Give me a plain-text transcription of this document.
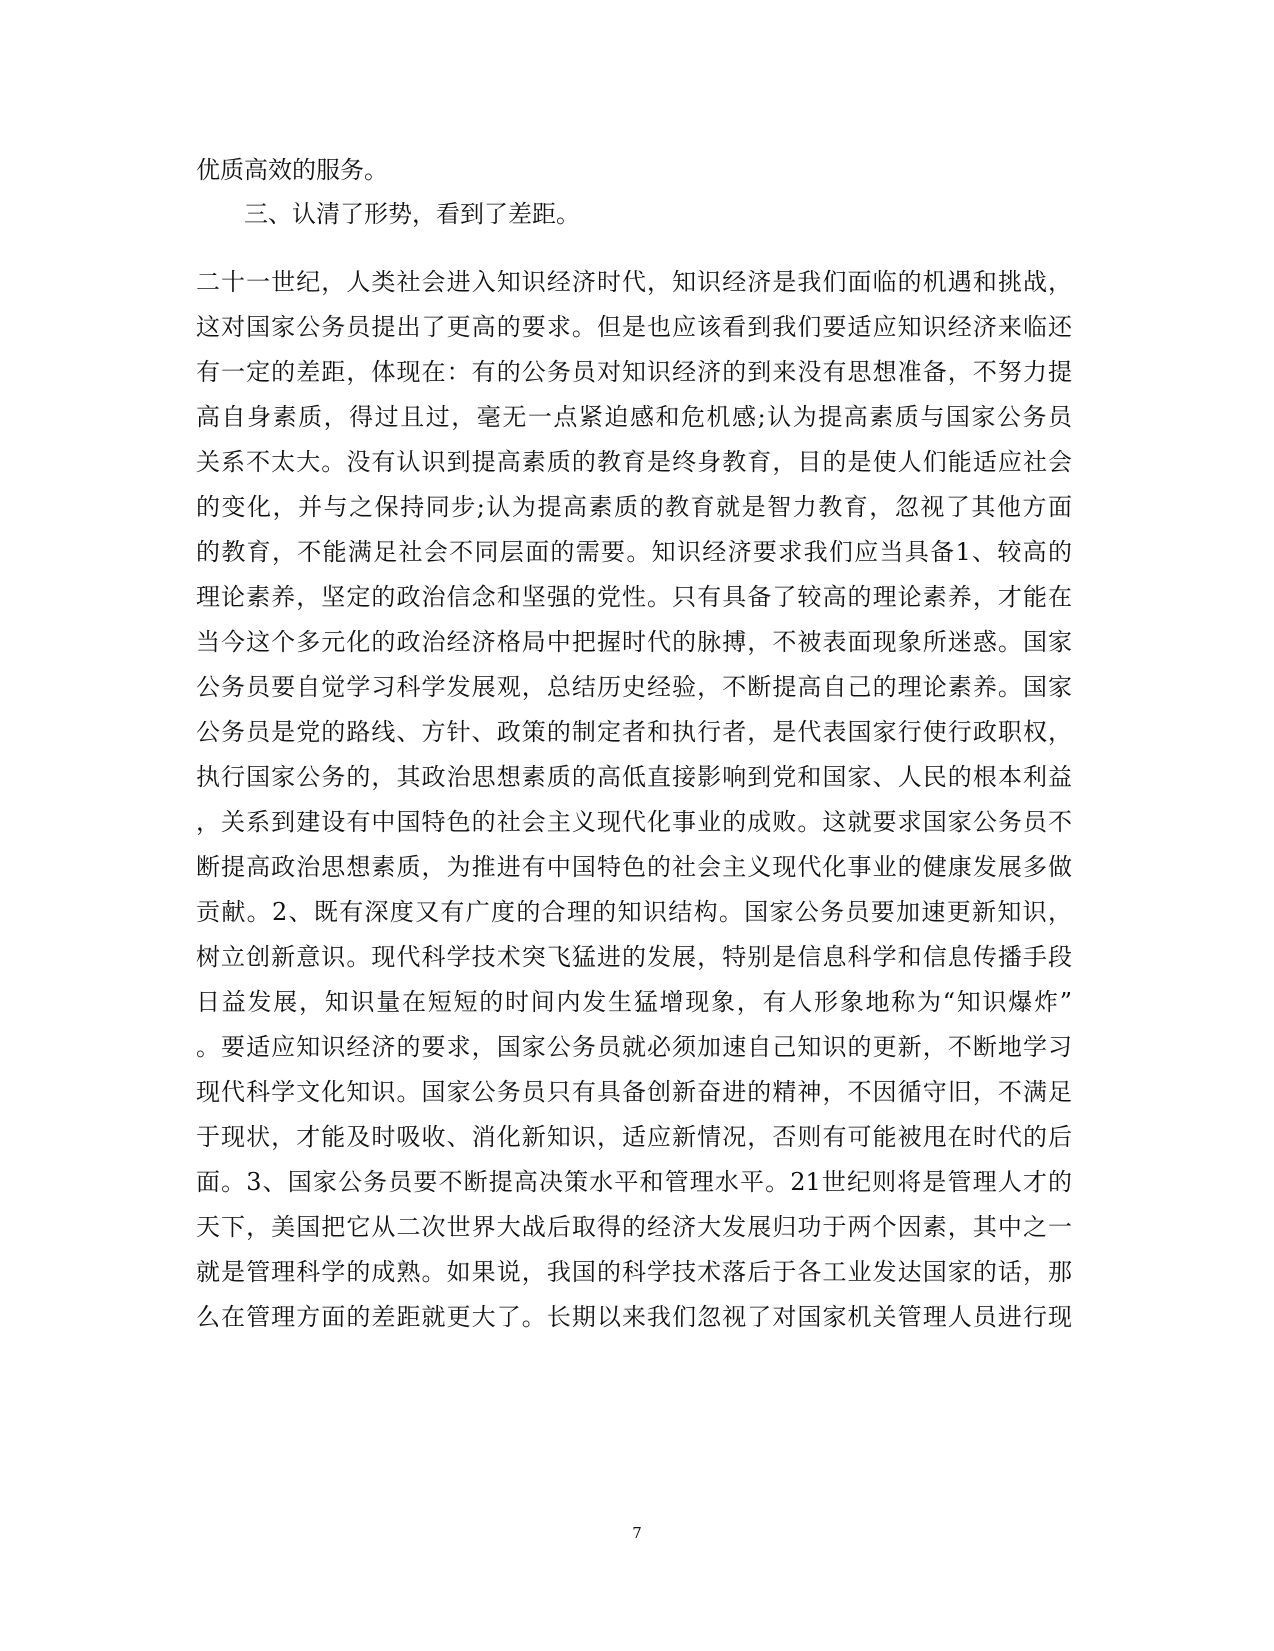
优质高效的服务。
三、认清了形势，看到了差距。
二十一世纪，人类社会进入知识经济时代，知识经济是我们面临的机遇和挑战，
这对国家公务员提出了更高的要求。但是也应该看到我们要适应知识经济来临还
有一定的差距，体现在：有的公务员对知识经济的到来没有思想准备，不努力提
高自身素质，得过且过，毫无一点紧迫感和危机感;认为提高素质与国家公务员
关系不太大。没有认识到提高素质的教育是终身教育，目的是使人们能适应社会
的变化，并与之保持同步;认为提高素质的教育就是智力教育，忽视了其他方面
的教育，不能满足社会不同层面的需要。知识经济要求我们应当具备1、较高的
理论素养，坚定的政治信念和坚强的党性。只有具备了较高的理论素养，才能在
当今这个多元化的政治经济格局中把握时代的脉搏，不被表面现象所迷惑。国家
公务员要自觉学习科学发展观，总结历史经验，不断提高自己的理论素养。国家
公务员是党的路线、方针、政策的制定者和执行者，是代表国家行使行政职权，
执行国家公务的，其政治思想素质的高低直接影响到党和国家、人民的根本利益
，关系到建设有中国特色的社会主义现代化事业的成败。这就要求国家公务员不
断提高政治思想素质，为推进有中国特色的社会主义现代化事业的健康发展多做
贡献。2、既有深度又有广度的合理的知识结构。国家公务员要加速更新知识，
树立创新意识。现代科学技术突飞猛进的发展，特别是信息科学和信息传播手段
日益发展，知识量在短短的时间内发生猛增现象，有人形象地称为“知识爆炸”
。要适应知识经济的要求，国家公务员就必须加速自己知识的更新，不断地学习
现代科学文化知识。国家公务员只有具备创新奋进的精神，不因循守旧，不满足
于现状，才能及时吸收、消化新知识，适应新情况，否则有可能被甩在时代的后
面。3、国家公务员要不断提高决策水平和管理水平。21世纪则将是管理人才的
天下，美国把它从二次世界大战后取得的经济大发展归功于两个因素，其中之一
就是管理科学的成熟。如果说，我国的科学技术落后于各工业发达国家的话，那
么在管理方面的差距就更大了。长期以来我们忽视了对国家机关管理人员进行现
7
